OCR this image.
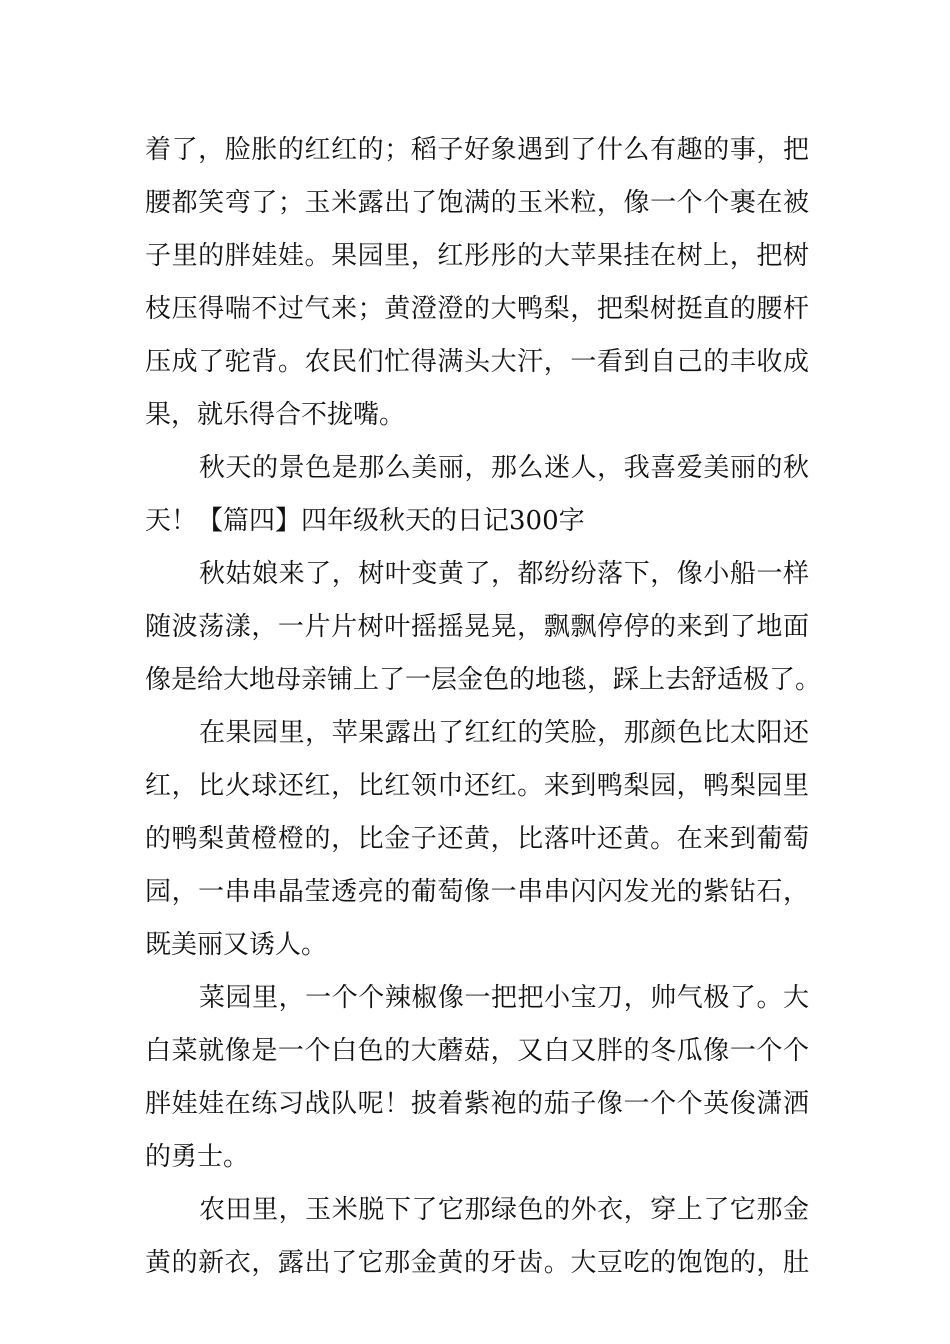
着了，脸胀的红红的；稻子好象遇到了什么有趣的事，把
腰都笑弯了；玉米露出了饱满的玉米粒，像一个个裹在被
子里的胖娃娃。果园里，红彤彤的大苹果挂在树上，把树
枝压得喘不过气来；黄澄澄的大鸭梨，把梨树挺直的腰杆
压成了驼背。农民们忙得满头大汗，一看到自己的丰收成
果，就乐得合不拢嘴。
秋天的景色是那么美丽，那么迷人，我喜爱美丽的秋
天！【篇四】四年级秋天的日记300字
秋姑娘来了，树叶变黄了，都纷纷落下，像小船一样
随波荡漾，一片片树叶摇摇晃晃，飘飘停停的来到了地面
像是给大地母亲铺上了一层金色的地毯，踩上去舒适极了。
在果园里，苹果露出了红红的笑脸，那颜色比太阳还
红，比火球还红，比红领巾还红。来到鸭梨园，鸭梨园里
的鸭梨黄橙橙的，比金子还黄，比落叶还黄。在来到葡萄
园，一串串晶莹透亮的葡萄像一串串闪闪发光的紫钻石，
既美丽又诱人。
菜园里，一个个辣椒像一把把小宝刀，帅气极了。大
白菜就像是一个白色的大蘑菇，又白又胖的冬瓜像一个个
胖娃娃在练习战队呢！披着紫袍的茄子像一个个英俊潇洒
的勇士。
农田里，玉米脱下了它那绿色的外衣，穿上了它那金
黄的新衣，露出了它那金黄的牙齿。大豆吃的饱饱的，肚
